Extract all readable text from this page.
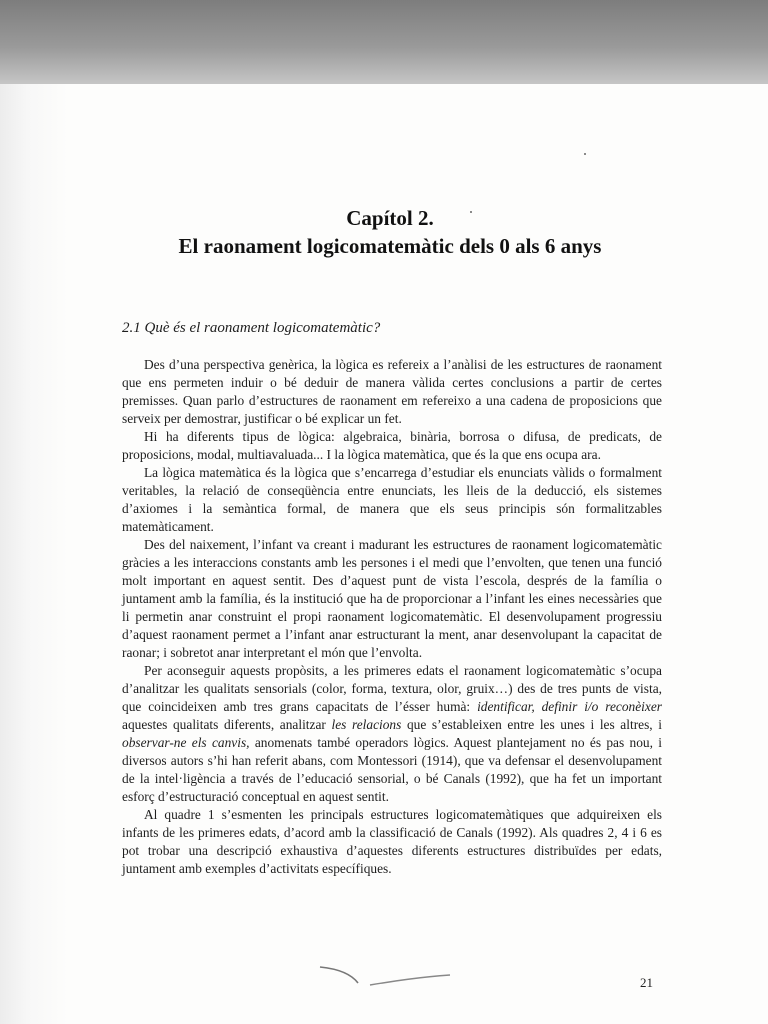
Capítol 2.
El raonament logicomatemàtic dels 0 als 6 anys
2.1 Què és el raonament logicomatemàtic?

Des d’una perspectiva genèrica, la lògica es refereix a l’anàlisi de les estructures de raonament que ens permeten induir o bé deduir de manera vàlida certes conclusions a partir de certes premisses. Quan parlo d’estructures de raonament em refereixo a una cadena de proposicions que serveix per demostrar, justificar o bé explicar un fet.

Hi ha diferents tipus de lògica: algebraica, binària, borrosa o difusa, de predicats, de proposicions, modal, multiavaluada... I la lògica matemàtica, que és la que ens ocupa ara.

La lògica matemàtica és la lògica que s’encarrega d’estudiar els enunciats vàlids o formalment veritables, la relació de conseqüència entre enunciats, les lleis de la deducció, els sistemes d’axiomes i la semàntica formal, de manera que els seus principis són formalitzables matemàticament.

Des del naixement, l’infant va creant i madurant les estructures de raonament logicomatemàtic gràcies a les interaccions constants amb les persones i el medi que l’envolten, que tenen una funció molt important en aquest sentit. Des d’aquest punt de vista l’escola, després de la família o juntament amb la família, és la institució que ha de proporcionar a l’infant les eines necessàries que li permetin anar construint el propi raonament logicomatemàtic. El desenvolupament progressiu d’aquest raonament permet a l’infant anar estructurant la ment, anar desenvolupant la capacitat de raonar; i sobretot anar interpretant el món que l’envolta.

Per aconseguir aquests propòsits, a les primeres edats el raonament logicomatemàtic s’ocupa d’analitzar les qualitats sensorials (color, forma, textura, olor, gruix…) des de tres punts de vista, que coincideixen amb tres grans capacitats de l’ésser humà: identificar, definir i/o reconèixer aquestes qualitats diferents, analitzar les relacions que s’estableixen entre les unes i les altres, i observar-ne els canvis, anomenats també operadors lògics. Aquest plantejament no és pas nou, i diversos autors s’hi han referit abans, com Montessori (1914), que va defensar el desenvolupament de la intel·ligència a través de l’educació sensorial, o bé Canals (1992), que ha fet un important esforç d’estructuració conceptual en aquest sentit.

Al quadre 1 s’esmenten les principals estructures logicomatemàtiques que adquireixen els infants de les primeres edats, d’acord amb la classificació de Canals (1992). Als quadres 2, 4 i 6 es pot trobar una descripció exhaustiva d’aquestes diferents estructures distribuïdes per edats, juntament amb exemples d’activitats específiques.

21
